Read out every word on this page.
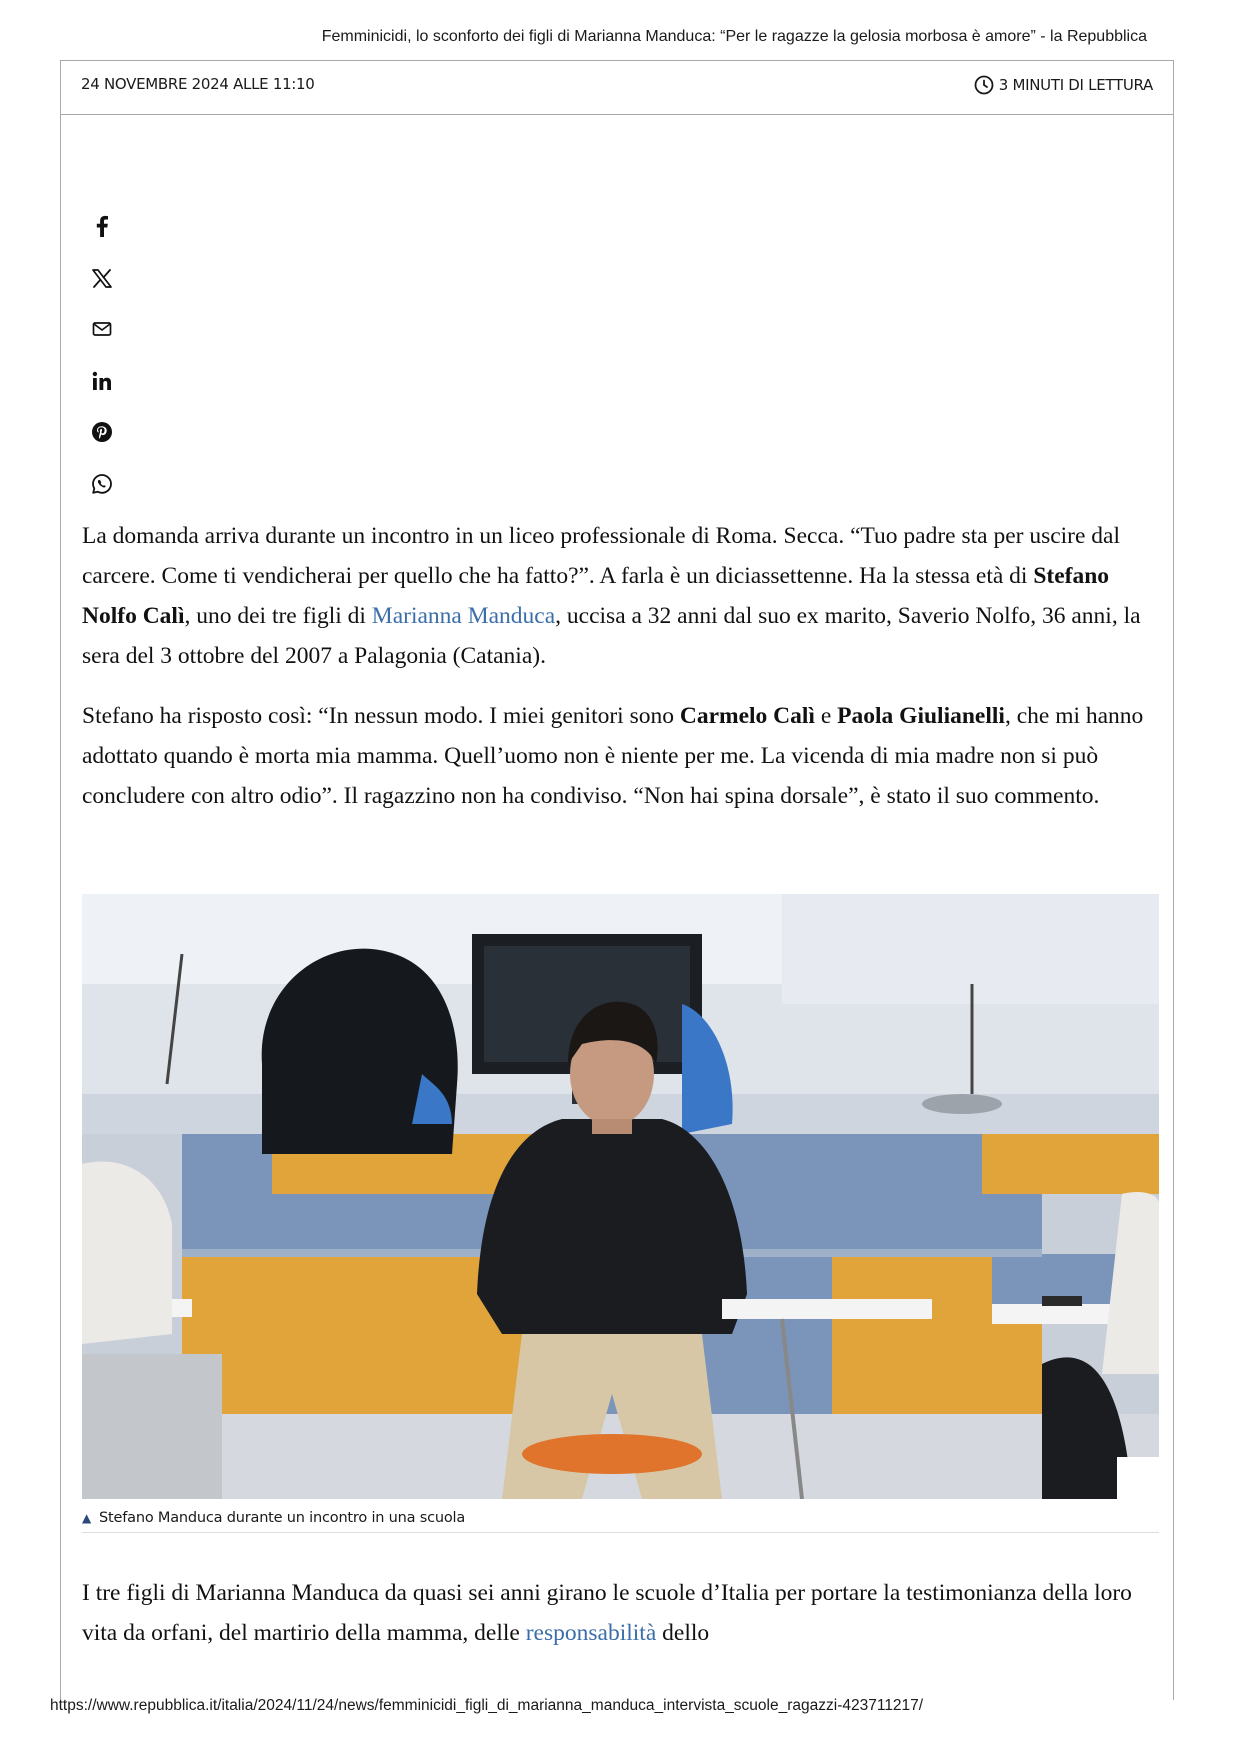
Femminicidi, lo sconforto dei figli di Marianna Manduca: “Per le ragazze la gelosia morbosa è amore” - la Repubblica
24 NOVEMBRE 2024 ALLE 11:10	3 MINUTI DI LETTURA

La domanda arriva durante un incontro in un liceo professionale di Roma. Secca. “Tuo padre sta per uscire dal carcere. Come ti vendicherai per quello che ha fatto?”. A farla è un diciassettenne. Ha la stessa età di Stefano Nolfo Calì, uno dei tre figli di Marianna Manduca, uccisa a 32 anni dal suo ex marito, Saverio Nolfo, 36 anni, la sera del 3 ottobre del 2007 a Palagonia (Catania).

Stefano ha risposto così: “In nessun modo. I miei genitori sono Carmelo Calì e Paola Giulianelli, che mi hanno adottato quando è morta mia mamma. Quell’uomo non è niente per me. La vicenda di mia madre non si può concludere con altro odio”. Il ragazzino non ha condiviso. “Non hai spina dorsale”, è stato il suo commento.

▲ Stefano Manduca durante un incontro in una scuola

I tre figli di Marianna Manduca da quasi sei anni girano le scuole d’Italia per portare la testimonianza della loro vita da orfani, del martirio della mamma, delle responsabilità dello

https://www.repubblica.it/italia/2024/11/24/news/femminicidi_figli_di_marianna_manduca_intervista_scuole_ragazzi-423711217/
